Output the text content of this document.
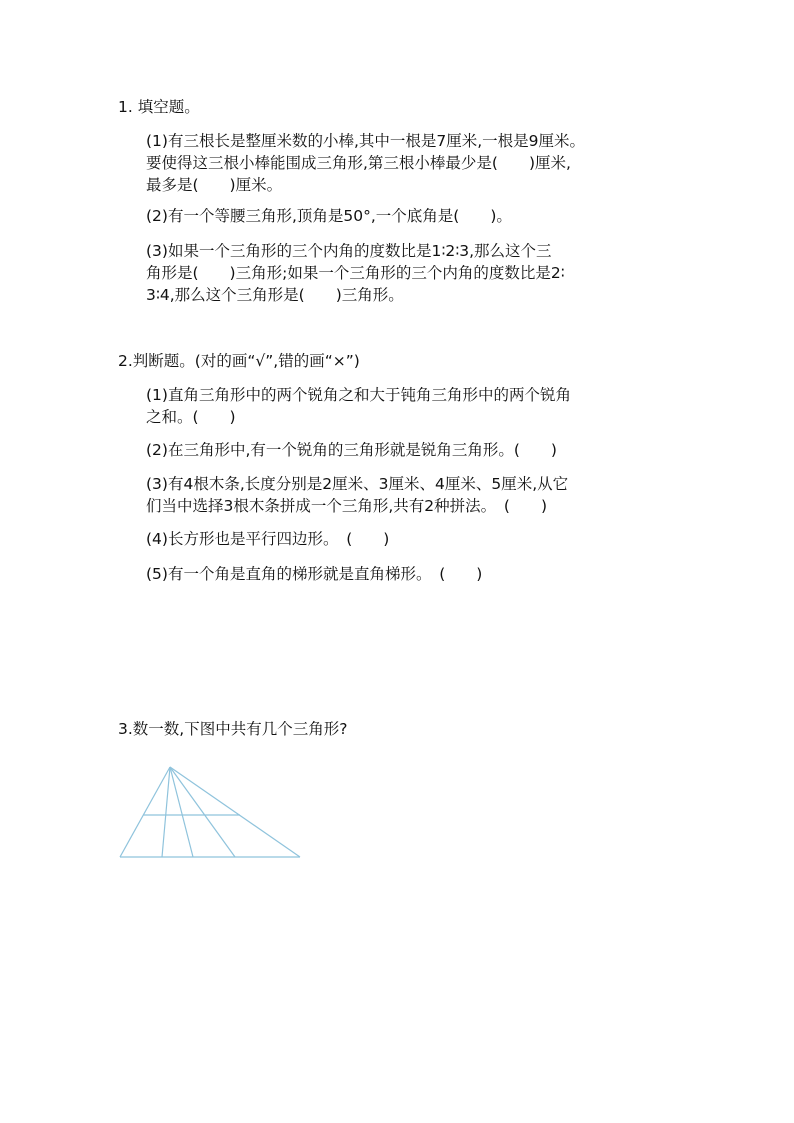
1. 填空题。
(1)有三根长是整厘米数的小棒,其中一根是7厘米,一根是9厘米。
要使得这三根小棒能围成三角形,第三根小棒最少是(　　)厘米,
最多是(　　)厘米。
(2)有一个等腰三角形,顶角是50°,一个底角是(　　)。
(3)如果一个三角形的三个内角的度数比是1∶2∶3,那么这个三
角形是(　　)三角形;如果一个三角形的三个内角的度数比是2∶
3∶4,那么这个三角形是(　　)三角形。
2.判断题。(对的画“√”,错的画“×”)
(1)直角三角形中的两个锐角之和大于钝角三角形中的两个锐角
之和。(　　)
(2)在三角形中,有一个锐角的三角形就是锐角三角形。(　　)
(3)有4根木条,长度分别是2厘米、3厘米、4厘米、5厘米,从它
们当中选择3根木条拼成一个三角形,共有2种拼法。　(　　)
(4)长方形也是平行四边形。　(　　)
(5)有一个角是直角的梯形就是直角梯形。　(　　)
3.数一数,下图中共有几个三角形?
